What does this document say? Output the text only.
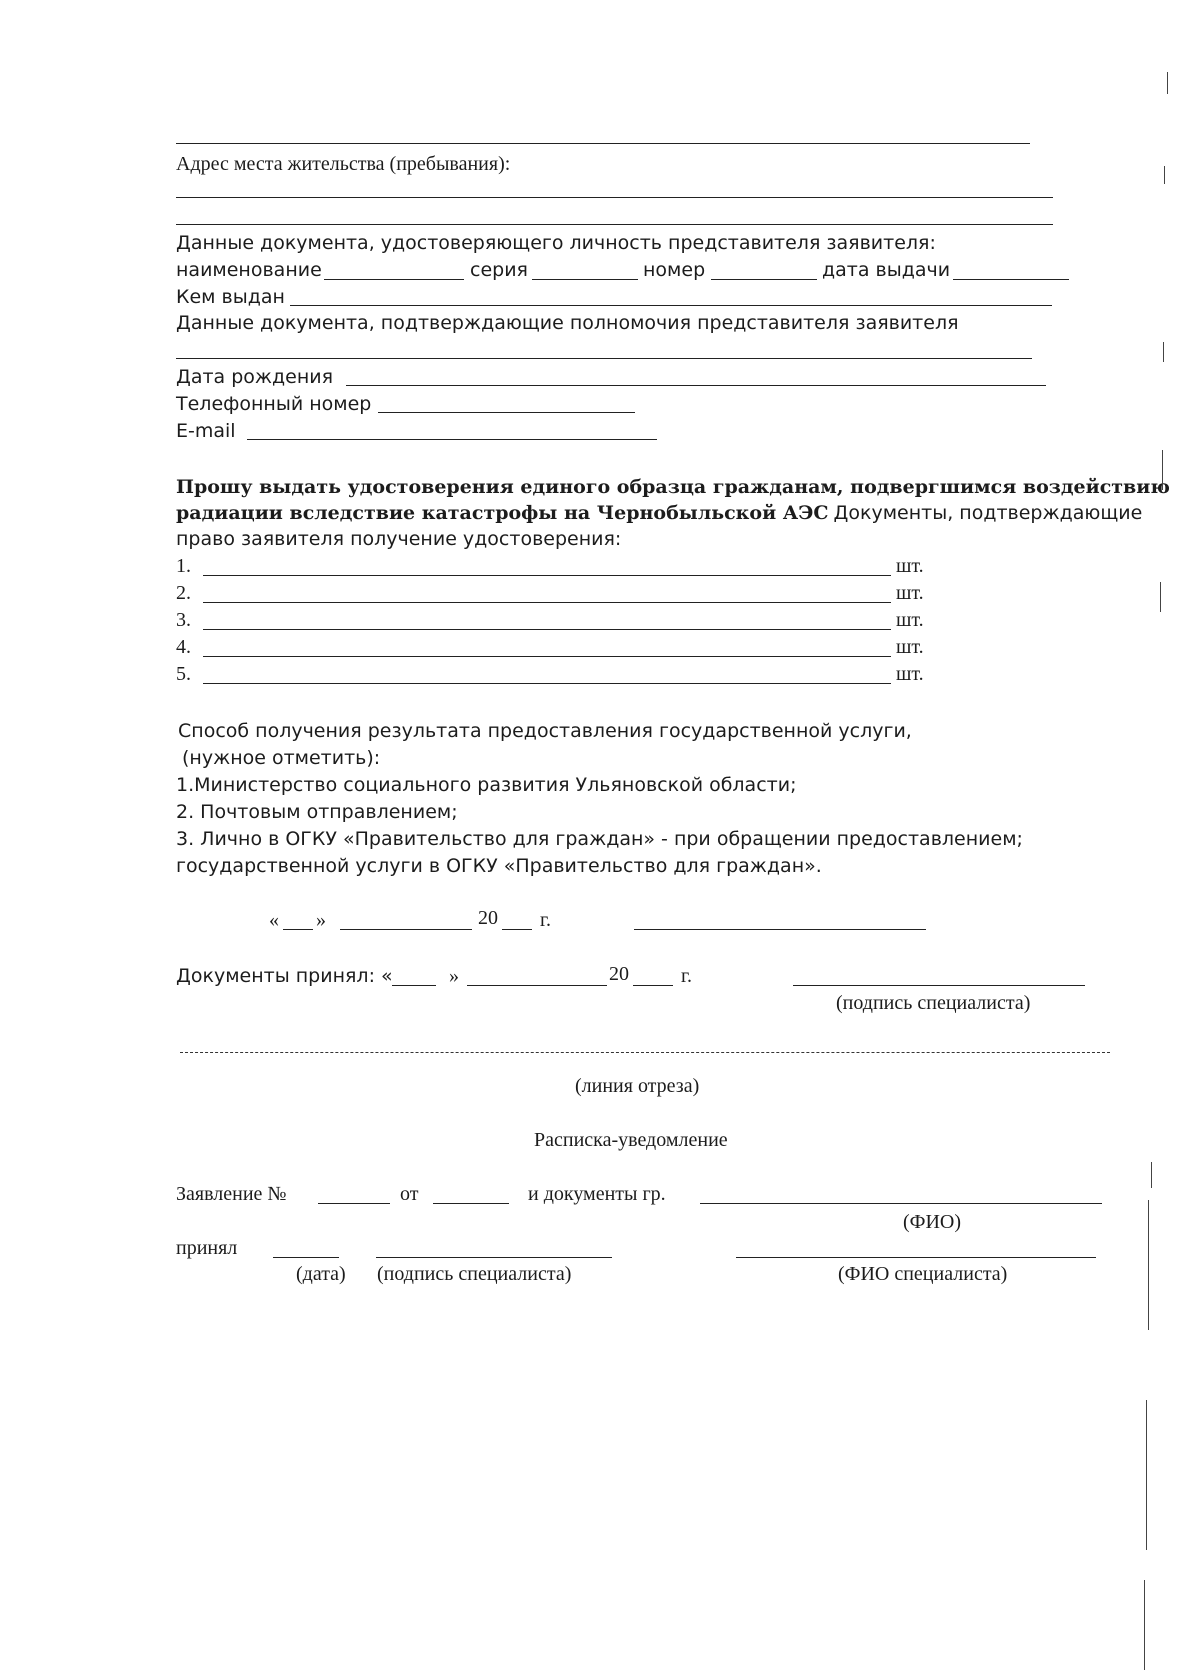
Адрес места жительства (пребывания):
Данные документа, удостоверяющего личность представителя заявителя:
наименование	серия	номер	дата выдачи
Кем выдан
Данные документа, подтверждающие полномочия представителя заявителя
Дата рождения
Телефонный номер
E-mail
Прошу выдать удостоверения единого образца гражданам, подвергшимся воздействию
радиации вследствие катастрофы на Чернобыльской АЭС Документы, подтверждающие
право заявителя получение удостоверения:
1.	шт.
2.	шт.
3.	шт.
4.	шт.
5.	шт.
Способ получения результата предоставления государственной услуги,
(нужное отметить):
1.Министерство социального развития Ульяновской области;
2. Почтовым отправлением;
3. Лично в ОГКУ «Правительство для граждан» - при обращении предоставлением;
государственной услуги в ОГКУ «Правительство для граждан».
« »	20 г.
Документы принял: «	»	20	г.
(подпись специалиста)
(линия отреза)
Расписка-уведомление
Заявление №	от	и документы гр.
(ФИО)
принял
(дата) (подпись специалиста)	(ФИО специалиста)
